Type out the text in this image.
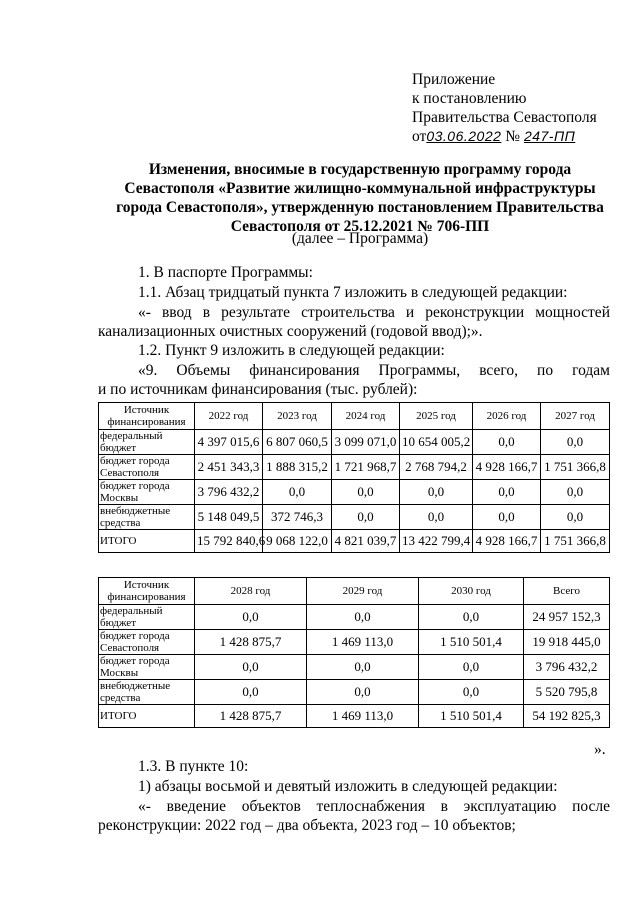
Приложение
к постановлению
Правительства Севастополя
от03.06.2022 № 247-ПП
Изменения, вносимые в государственную программу города
Севастополя «Развитие жилищно-коммунальной инфраструктуры
города Севастополя», утвержденную постановлением Правительства
Севастополя от 25.12.2021 № 706-ПП
(далее – Программа)
1. В паспорте Программы:
1.1. Абзац тридцатый пункта 7 изложить в следующей редакции:
«- ввод в результате строительства и реконструкции мощностей
канализационных очистных сооружений (годовой ввод);».
1.2. Пункт 9 изложить в следующей редакции:
«9. Объемы финансирования Программы, всего, по годам
и по источникам финансирования (тыс. рублей):
Источник финансирования	2022 год	2023 год	2024 год	2025 год	2026 год	2027 год
федеральный бюджет	4 397 015,6	6 807 060,5	3 099 071,0	10 654 005,2	0,0	0,0
бюджет города Севастополя	2 451 343,3	1 888 315,2	1 721 968,7	2 768 794,2	4 928 166,7	1 751 366,8
бюджет города Москвы	3 796 432,2	0,0	0,0	0,0	0,0	0,0
внебюджетные средства	5 148 049,5	372 746,3	0,0	0,0	0,0	0,0
ИТОГО	15 792 840,6	9 068 122,0	4 821 039,7	13 422 799,4	4 928 166,7	1 751 366,8
Источник финансирования	2028 год	2029 год	2030 год	Всего
федеральный бюджет	0,0	0,0	0,0	24 957 152,3
бюджет города Севастополя	1 428 875,7	1 469 113,0	1 510 501,4	19 918 445,0
бюджет города Москвы	0,0	0,0	0,0	3 796 432,2
внебюджетные средства	0,0	0,0	0,0	5 520 795,8
ИТОГО	1 428 875,7	1 469 113,0	1 510 501,4	54 192 825,3
».
1.3. В пункте 10:
1) абзацы восьмой и девятый изложить в следующей редакции:
«- введение объектов теплоснабжения в эксплуатацию после
реконструкции: 2022 год – два объекта, 2023 год – 10 объектов;
